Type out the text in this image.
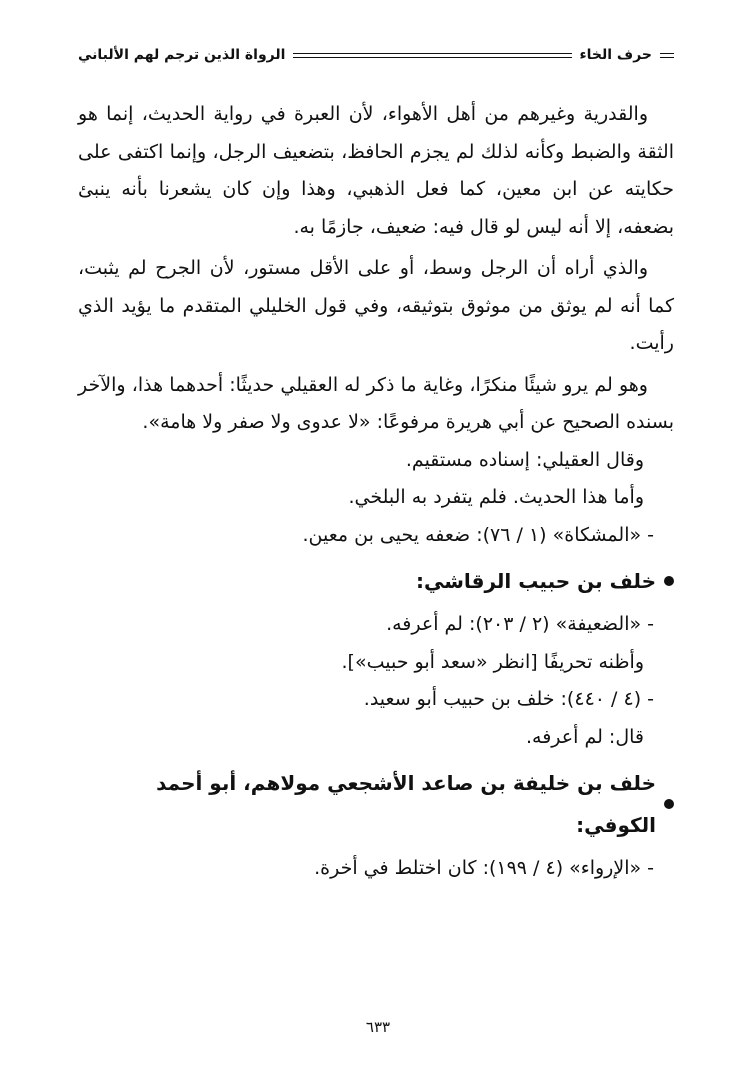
حرف الخاء
الرواة الذين ترجم لهم الألباني

والقدرية وغيرهم من أهل الأهواء، لأن العبرة في رواية الحديث، إنما هو الثقة والضبط وكأنه لذلك لم يجزم الحافظ، بتضعيف الرجل، وإنما اكتفى على حكايته عن ابن معين، كما فعل الذهبي، وهذا وإن كان يشعرنا بأنه ينبئ بضعفه، إلا أنه ليس لو قال فيه: ضعيف، جازمًا به.

والذي أراه أن الرجل وسط، أو على الأقل مستور، لأن الجرح لم يثبت، كما أنه لم يوثق من موثوق بتوثيقه، وفي قول الخليلي المتقدم ما يؤيد الذي رأيت.

وهو لم يرو شيئًا منكرًا، وغاية ما ذكر له العقيلي حديثًا: أحدهما هذا، والآخر بسنده الصحيح عن أبي هريرة مرفوعًا: «لا عدوى ولا صفر ولا هامة».

وقال العقيلي: إسناده مستقيم.

وأما هذا الحديث. فلم يتفرد به البلخي.

- «المشكاة» (١ / ٧٦): ضعفه يحيى بن معين.

خلف بن حبيب الرقاشي:

- «الضعيفة» (٢ / ٢٠٣): لم أعرفه.

وأظنه تحريفًا [انظر «سعد أبو حبيب»].

- (٤ / ٤٤٠): خلف بن حبيب أبو سعيد.

قال: لم أعرفه.

خلف بن خليفة بن صاعد الأشجعي مولاهم، أبو أحمد الكوفي:

- «الإرواء» (٤ / ١٩٩): كان اختلط في أخرة.

٦٣٣
